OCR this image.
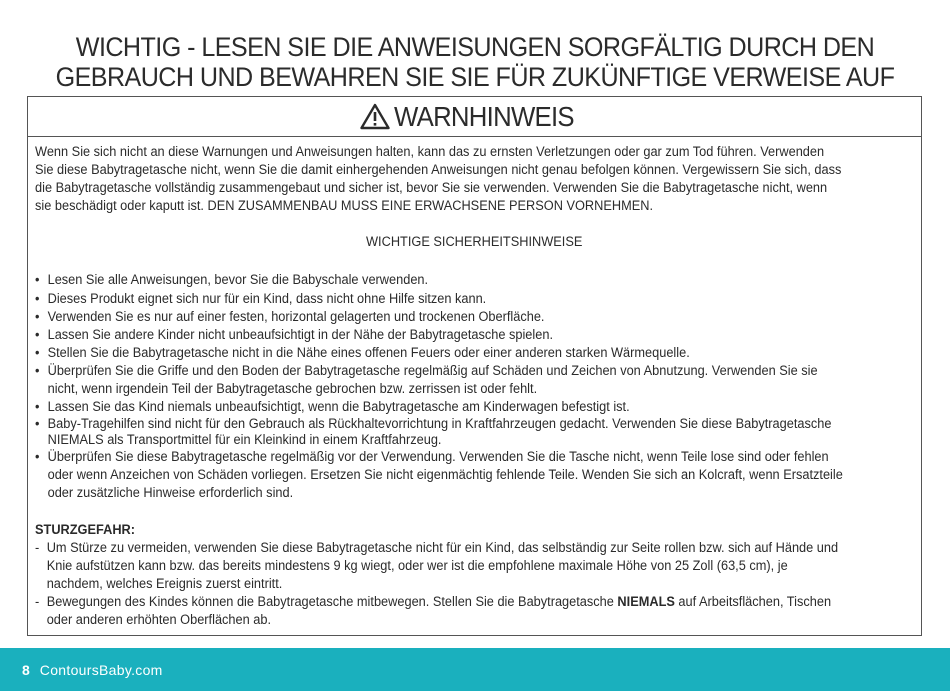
WICHTIG - LESEN SIE DIE ANWEISUNGEN SORGFÄLTIG DURCH DEN
GEBRAUCH UND BEWAHREN SIE SIE FÜR ZUKÜNFTIGE VERWEISE AUF
WARNHINWEIS

Wenn Sie sich nicht an diese Warnungen und Anweisungen halten, kann das zu ernsten Verletzungen oder gar zum Tod führen. Verwenden Sie diese Babytragetasche nicht, wenn Sie die damit einhergehenden Anweisungen nicht genau befolgen können. Vergewissern Sie sich, dass die Babytragetasche vollständig zusammengebaut und sicher ist, bevor Sie sie verwenden. Verwenden Sie die Babytragetasche nicht, wenn sie beschädigt oder kaputt ist. DEN ZUSAMMENBAU MUSS EINE ERWACHSENE PERSON VORNEHMEN.

WICHTIGE SICHERHEITSHINWEISE

• Lesen Sie alle Anweisungen, bevor Sie die Babyschale verwenden.
• Dieses Produkt eignet sich nur für ein Kind, dass nicht ohne Hilfe sitzen kann.
• Verwenden Sie es nur auf einer festen, horizontal gelagerten und trockenen Oberfläche.
• Lassen Sie andere Kinder nicht unbeaufsichtigt in der Nähe der Babytragetasche spielen.
• Stellen Sie die Babytragetasche nicht in die Nähe eines offenen Feuers oder einer anderen starken Wärmequelle.
• Überprüfen Sie die Griffe und den Boden der Babytragetasche regelmäßig auf Schäden und Zeichen von Abnutzung. Verwenden Sie sie nicht, wenn irgendein Teil der Babytragetasche gebrochen bzw. zerrissen ist oder fehlt.
• Lassen Sie das Kind niemals unbeaufsichtigt, wenn die Babytragetasche am Kinderwagen befestigt ist.
• Baby-Tragehilfen sind nicht für den Gebrauch als Rückhaltevorrichtung in Kraftfahrzeugen gedacht. Verwenden Sie diese Babytragetasche NIEMALS als Transportmittel für ein Kleinkind in einem Kraftfahrzeug.
• Überprüfen Sie diese Babytragetasche regelmäßig vor der Verwendung. Verwenden Sie die Tasche nicht, wenn Teile lose sind oder fehlen oder wenn Anzeichen von Schäden vorliegen. Ersetzen Sie nicht eigenmächtig fehlende Teile. Wenden Sie sich an Kolcraft, wenn Ersatzteile oder zusätzliche Hinweise erforderlich sind.

STURZGEFAHR:

- Um Stürze zu vermeiden, verwenden Sie diese Babytragetasche nicht für ein Kind, das selbständig zur Seite rollen bzw. sich auf Hände und Knie aufstützen kann bzw. das bereits mindestens 9 kg wiegt, oder wer ist die empfohlene maximale Höhe von 25 Zoll (63,5 cm), je nachdem, welches Ereignis zuerst eintritt.
- Bewegungen des Kindes können die Babytragetasche mitbewegen. Stellen Sie die Babytragetasche NIEMALS auf Arbeitsflächen, Tischen oder anderen erhöhten Oberflächen ab.
8 ContoursBaby.com
